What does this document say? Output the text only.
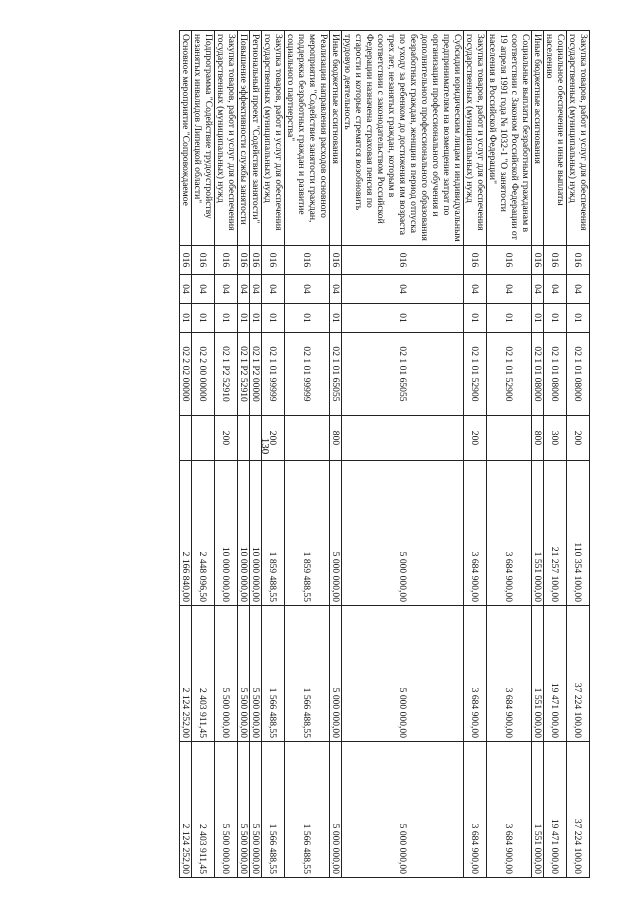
130
Закупка товаров, работ и услуг для обеспечения государственных (муниципальных) нужд	016	04	01	02 1 01 08000	200	110 354 100,00	37 224 100,00	37 224 100,00
Социальное обеспечение и иные выплаты населению	016	04	01	02 1 01 08000	300	21 257 100,00	19 471 000,00	19 471 000,00
Иные бюджетные ассигнования	016	04	01	02 1 01 08000	800	1 551 000,00	1 551 000,00	1 551 000,00
Социальные выплаты безработным гражданам в соответствии с Законом Российской Федерации от 19 апреля 1991 года № 1032-1 "О занятости населения в Российской Федерации"	016	04	01	02 1 01 52900		3 684 900,00	3 684 900,00	3 684 900,00
Закупка товаров, работ и услуг для обеспечения государственных (муниципальных) нужд	016	04	01	02 1 01 52900	200	3 684 900,00	3 684 900,00	3 684 900,00
Субсидии юридическим лицам и индивидуальным предпринимателям на возмещение затрат по организации профессионального обучения и дополнительного профессионального образования безработных граждан, женщин в период отпуска по уходу за ребенком до достижения им возраста трех лет, незанятых граждан, которым в соответствии с законодательством Российской Федерации назначена страховая пенсия по старости и которые стремятся возобновить трудовую деятельность	016	04	01	02 1 01 65055		5 000 000,00	5 000 000,00	5 000 000,00
Иные бюджетные ассигнования	016	04	01	02 1 01 65055	800	5 000 000,00	5 000 000,00	5 000 000,00
Реализация направления расходов основного мероприятия "Содействие занятости граждан, поддержка безработных граждан и развитие социального партнерства"	016	04	01	02 1 01 99999		1 859 488,55	1 566 488,55	1 566 488,55
Закупка товаров, работ и услуг для обеспечения государственных (муниципальных) нужд	016	04	01	02 1 01 99999	200	1 859 488,55	1 566 488,55	1 566 488,55
Региональный проект "Содействие занятости"	016	04	01	02 1 P2 00000		10 000 000,00	5 500 000,00	5 500 000,00
Повышение эффективности службы занятости	016	04	01	02 1 P2 52910		10 000 000,00	5 500 000,00	5 500 000,00
Закупка товаров, работ и услуг для обеспечения государственных (муниципальных) нужд	016	04	01	02 1 P2 52910	200	10 000 000,00	5 500 000,00	5 500 000,00
Подпрограмма "Содействие трудоустройству незанятых инвалидов Липецкой области"	016	04	01	02 2 00 00000		2 448 096,50	2 403 911,45	2 403 911,45
Основное мероприятие "Сопровождаемое	016	04	01	02 2 02 00000		2 166 840,00	2 124 252,00	2 124 252,00
